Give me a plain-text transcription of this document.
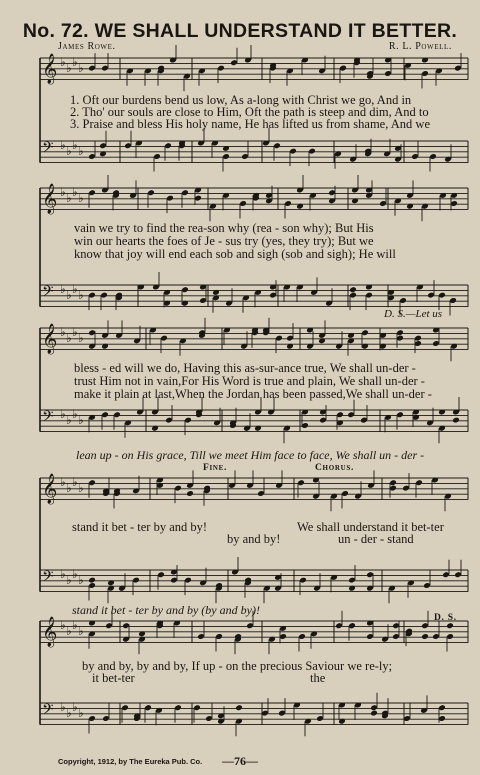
No. 72. WE SHALL UNDERSTAND IT BETTER.
James Rowe.	R. L. Powell.
𝄞 ♭ ♭ ♭ ♭
𝄢 ♭ ♭ ♭ ♭
𝄞 ♭ ♭ ♭ ♭
𝄢 ♭ ♭ ♭ ♭
𝄞 ♭ ♭ ♭ ♭
𝄢 ♭ ♭ ♭ ♭
𝄞 ♭ ♭ ♭ ♭
𝄢 ♭ ♭ ♭ ♭
𝄞 ♭ ♭ ♭ ♭
𝄢 ♭ ♭ ♭ ♭
1. Oft our burdens bend us low, As a-long with Christ we go, And in
2. Tho' our souls are close to Him, Oft the path is steep and dim, And to
3. Praise and bless His holy name, He has lifted us from shame, And we
vain we try to find the rea-son why (rea - son why); But His
win our hearts the foes of Je - sus try (yes, they try); But we
know that joy will end each sob and sigh (sob and sigh); He will
D. S.—Let us
bless - ed will we do, Having this as-sur-ance true, We shall un-der -
trust Him not in vain,For His Word is true and plain, We shall un-der -
make it plain at last,When the Jordan has been passed,We shall un-der -
lean up - on His grace, Till we meet Him face to face, We shall un - der -
Fine.	Chorus.
stand it bet - ter by and by!	We shall understand it bet-ter
by and by!	un - der - stand
stand it bet - ter by and by (by and by)!
D. S.
by and by, by and by, If up - on the precious Saviour we re-ly;
it bet-ter	the
Copyright, 1912, by The Eureka Pub. Co.	—76—
